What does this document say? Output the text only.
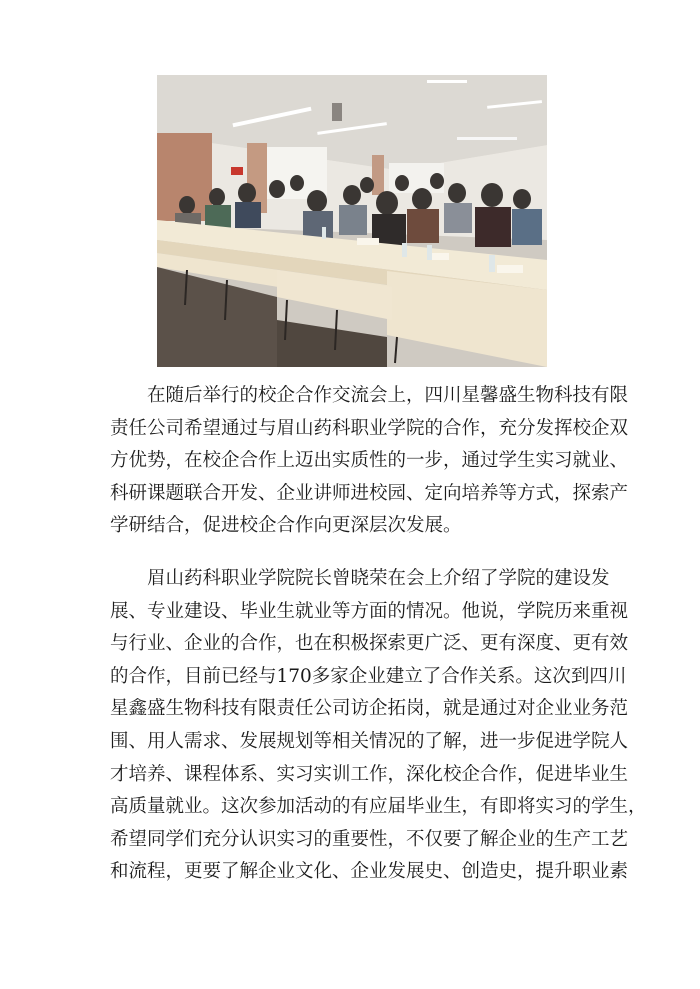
在随后举行的校企合作交流会上，四川星馨盛生物科技有限
责任公司希望通过与眉山药科职业学院的合作，充分发挥校企双
方优势，在校企合作上迈出实质性的一步，通过学生实习就业、
科研课题联合开发、企业讲师进校园、定向培养等方式，探索产
学研结合，促进校企合作向更深层次发展。
眉山药科职业学院院长曾晓荣在会上介绍了学院的建设发
展、专业建设、毕业生就业等方面的情况。他说，学院历来重视
与行业、企业的合作，也在积极探索更广泛、更有深度、更有效
的合作，目前已经与170多家企业建立了合作关系。这次到四川
星鑫盛生物科技有限责任公司访企拓岗，就是通过对企业业务范
围、用人需求、发展规划等相关情况的了解，进一步促进学院人
才培养、课程体系、实习实训工作，深化校企合作，促进毕业生
高质量就业。这次参加活动的有应届毕业生，有即将实习的学生，
希望同学们充分认识实习的重要性，不仅要了解企业的生产工艺
和流程，更要了解企业文化、企业发展史、创造史，提升职业素
